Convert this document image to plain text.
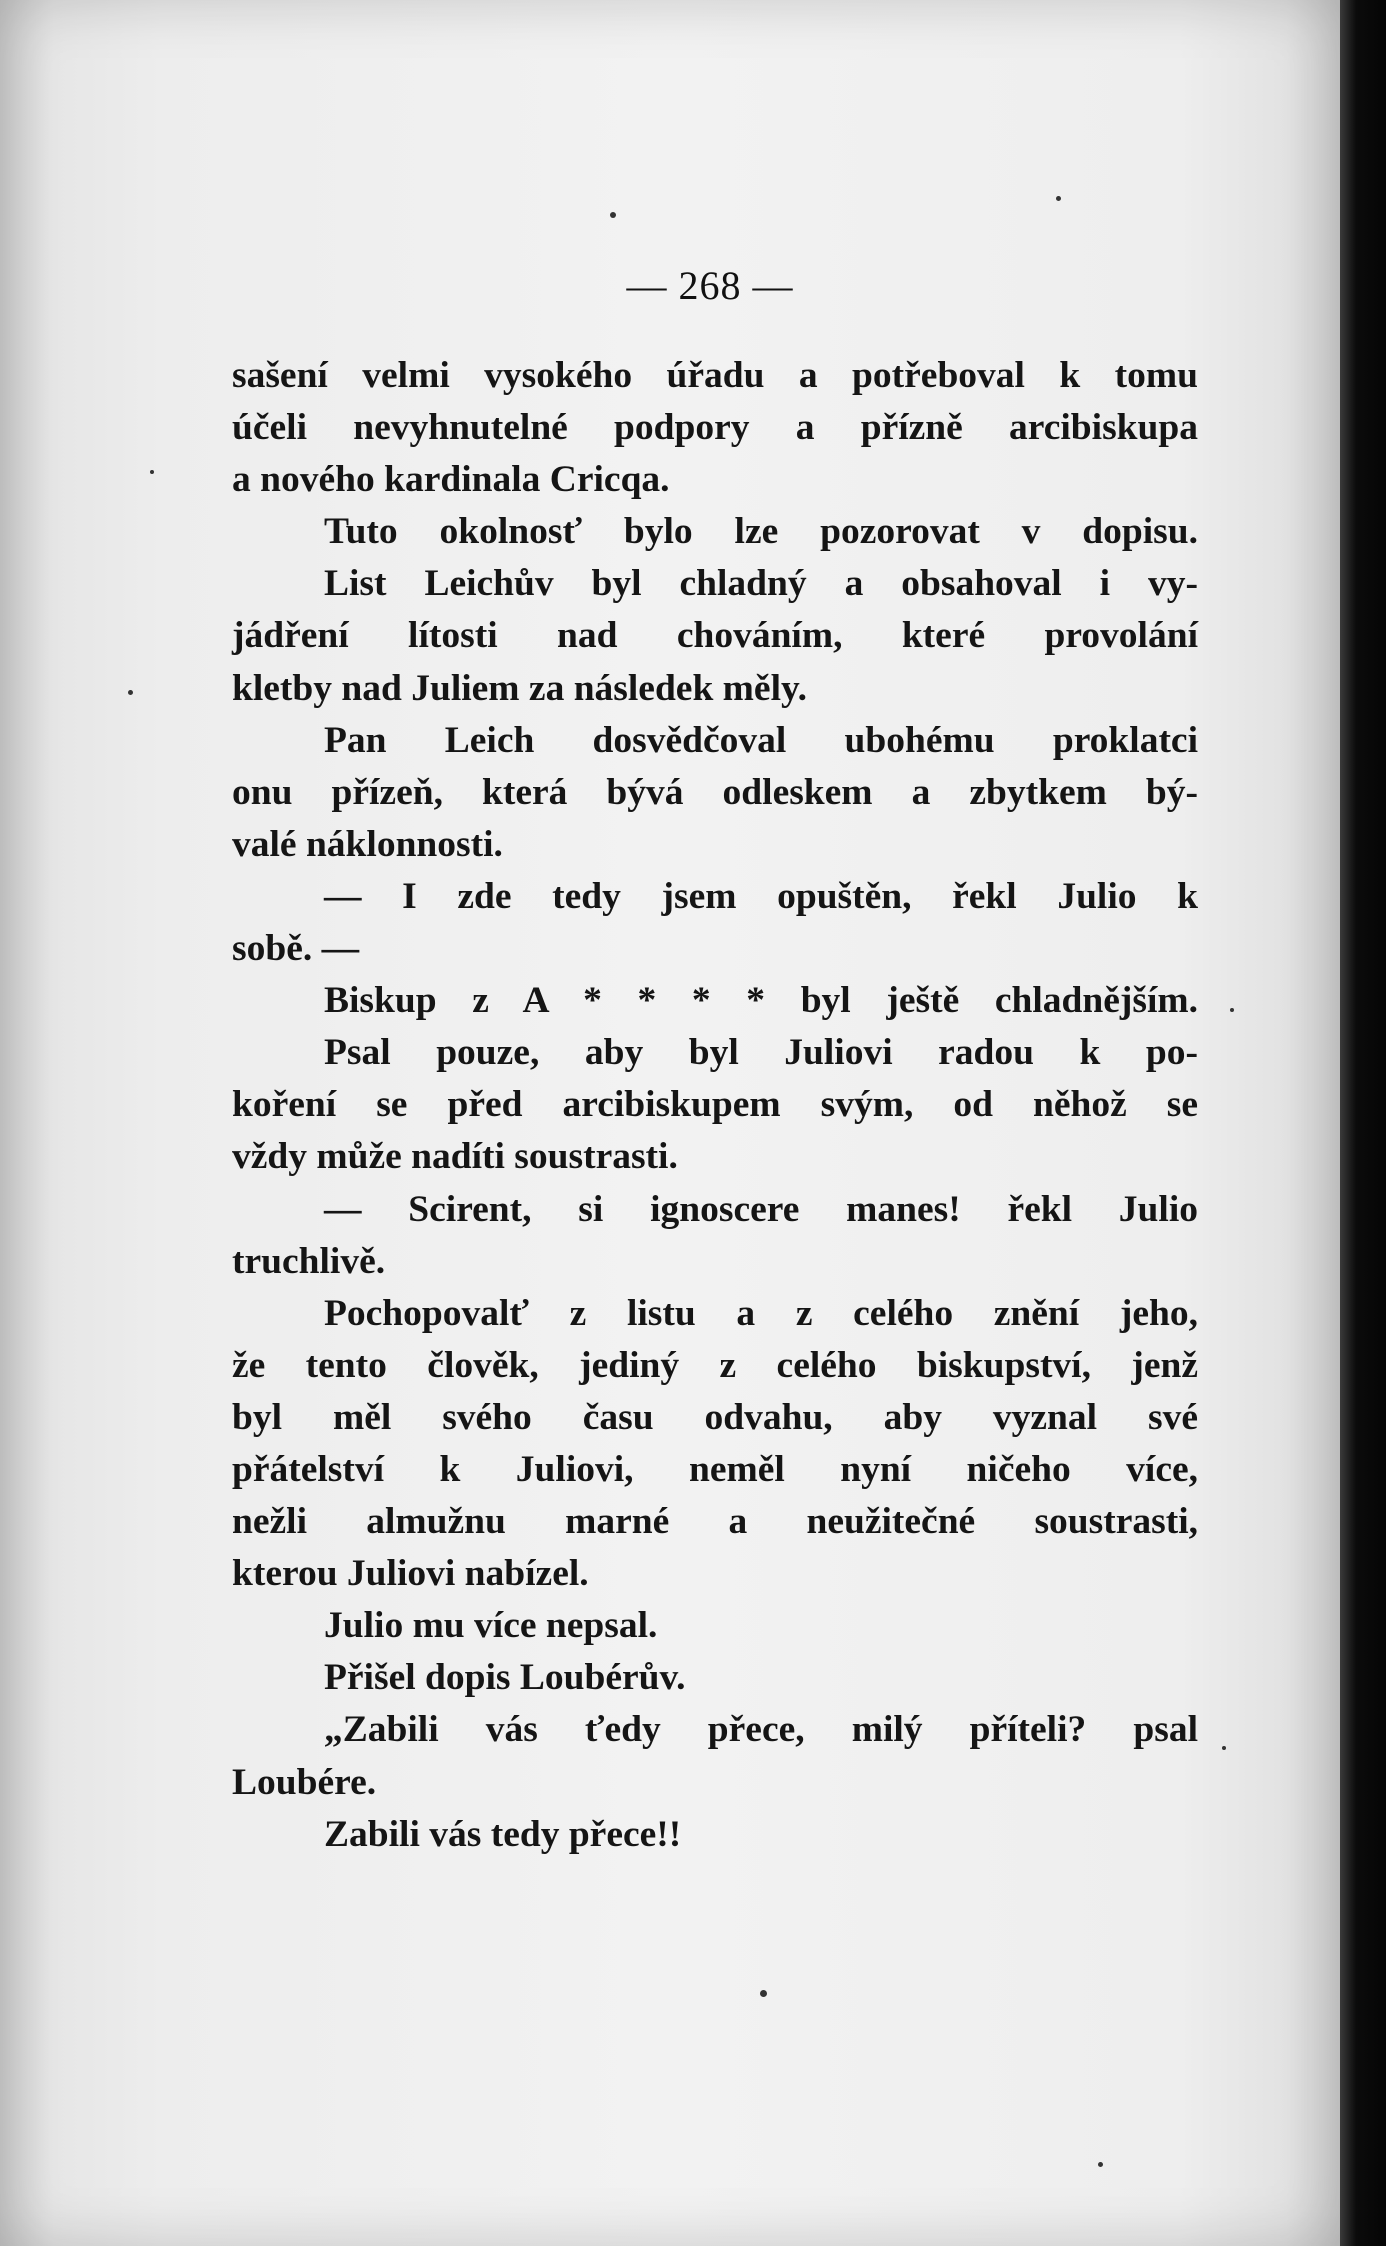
— 268 —
sašení velmi vysokého úřadu a potřeboval k tomu
účeli nevyhnutelné podpory a přízně arcibiskupa
a nového kardinala Cricqa.
Tuto okolnosť bylo lze pozorovat v dopisu.
List Leichův byl chladný a obsahoval i vy-
jádření lítosti nad chováním, které provolání
kletby nad Juliem za následek měly.
Pan Leich dosvědčoval ubohému proklatci
onu přízeň, která bývá odleskem a zbytkem bý-
valé náklonnosti.
— I zde tedy jsem opuštěn, řekl Julio k
sobě. —
Biskup z A * * * * byl ještě chladnějším.
Psal pouze, aby byl Juliovi radou k po-
koření se před arcibiskupem svým, od něhož se
vždy může nadíti soustrasti.
— Scirent, si ignoscere manes! řekl Julio
truchlivě.
Pochopovalť z listu a z celého znění jeho,
že tento člověk, jediný z celého biskupství, jenž
byl měl svého času odvahu, aby vyznal své
přátelství k Juliovi, neměl nyní ničeho více,
nežli almužnu marné a neužitečné soustrasti,
kterou Juliovi nabízel.
Julio mu více nepsal.
Přišel dopis Loubérův.
„Zabili vás ťedy přece, milý příteli? psal
Loubére.
Zabili vás tedy přece!!
